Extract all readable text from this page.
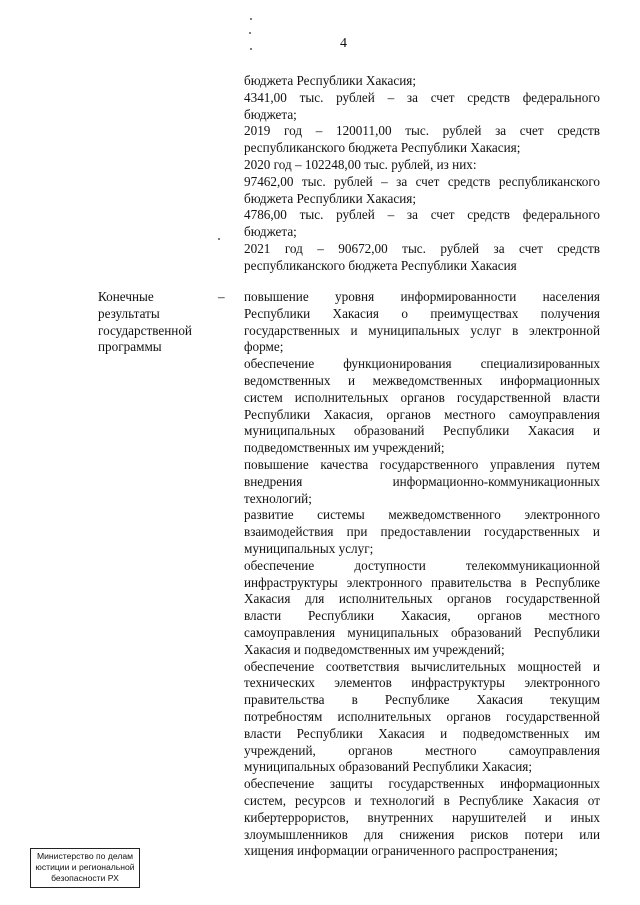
4
бюджета Республики Хакасия;
4341,00 тыс. рублей – за счет средств федерального
бюджета;
2019 год – 120011,00 тыс. рублей за счет средств
республиканского бюджета Республики Хакасия;
2020 год – 102248,00 тыс. рублей, из них:
97462,00 тыс. рублей – за счет средств республиканского
бюджета Республики Хакасия;
4786,00 тыс. рублей – за счет средств федерального
бюджета;
2021 год – 90672,00 тыс. рублей за счет средств
республиканского бюджета Республики Хакасия
Конечные
результаты
государственной
программы
– повышение уровня информированности населения
Республики Хакасия о преимуществах получения
государственных и муниципальных услуг в электронной
форме;
обеспечение функционирования специализированных
ведомственных и межведомственных информационных
систем исполнительных органов государственной власти
Республики Хакасия, органов местного самоуправления
муниципальных образований Республики Хакасия и
подведомственных им учреждений;
повышение качества государственного управления путем
внедрения информационно-коммуникационных
технологий;
развитие системы межведомственного электронного
взаимодействия при предоставлении государственных и
муниципальных услуг;
обеспечение доступности телекоммуникационной
инфраструктуры электронного правительства в Республике
Хакасия для исполнительных органов государственной
власти Республики Хакасия, органов местного
самоуправления муниципальных образований Республики
Хакасия и подведомственных им учреждений;
обеспечение соответствия вычислительных мощностей и
технических элементов инфраструктуры электронного
правительства в Республике Хакасия текущим
потребностям исполнительных органов государственной
власти Республики Хакасия и подведомственных им
учреждений, органов местного самоуправления
муниципальных образований Республики Хакасия;
обеспечение защиты государственных информационных
систем, ресурсов и технологий в Республике Хакасия от
кибертеррористов, внутренних нарушителей и иных
злоумышленников для снижения рисков потери или
хищения информации ограниченного распространения;
Министерство по делам
юстиции и региональной
безопасности РХ
